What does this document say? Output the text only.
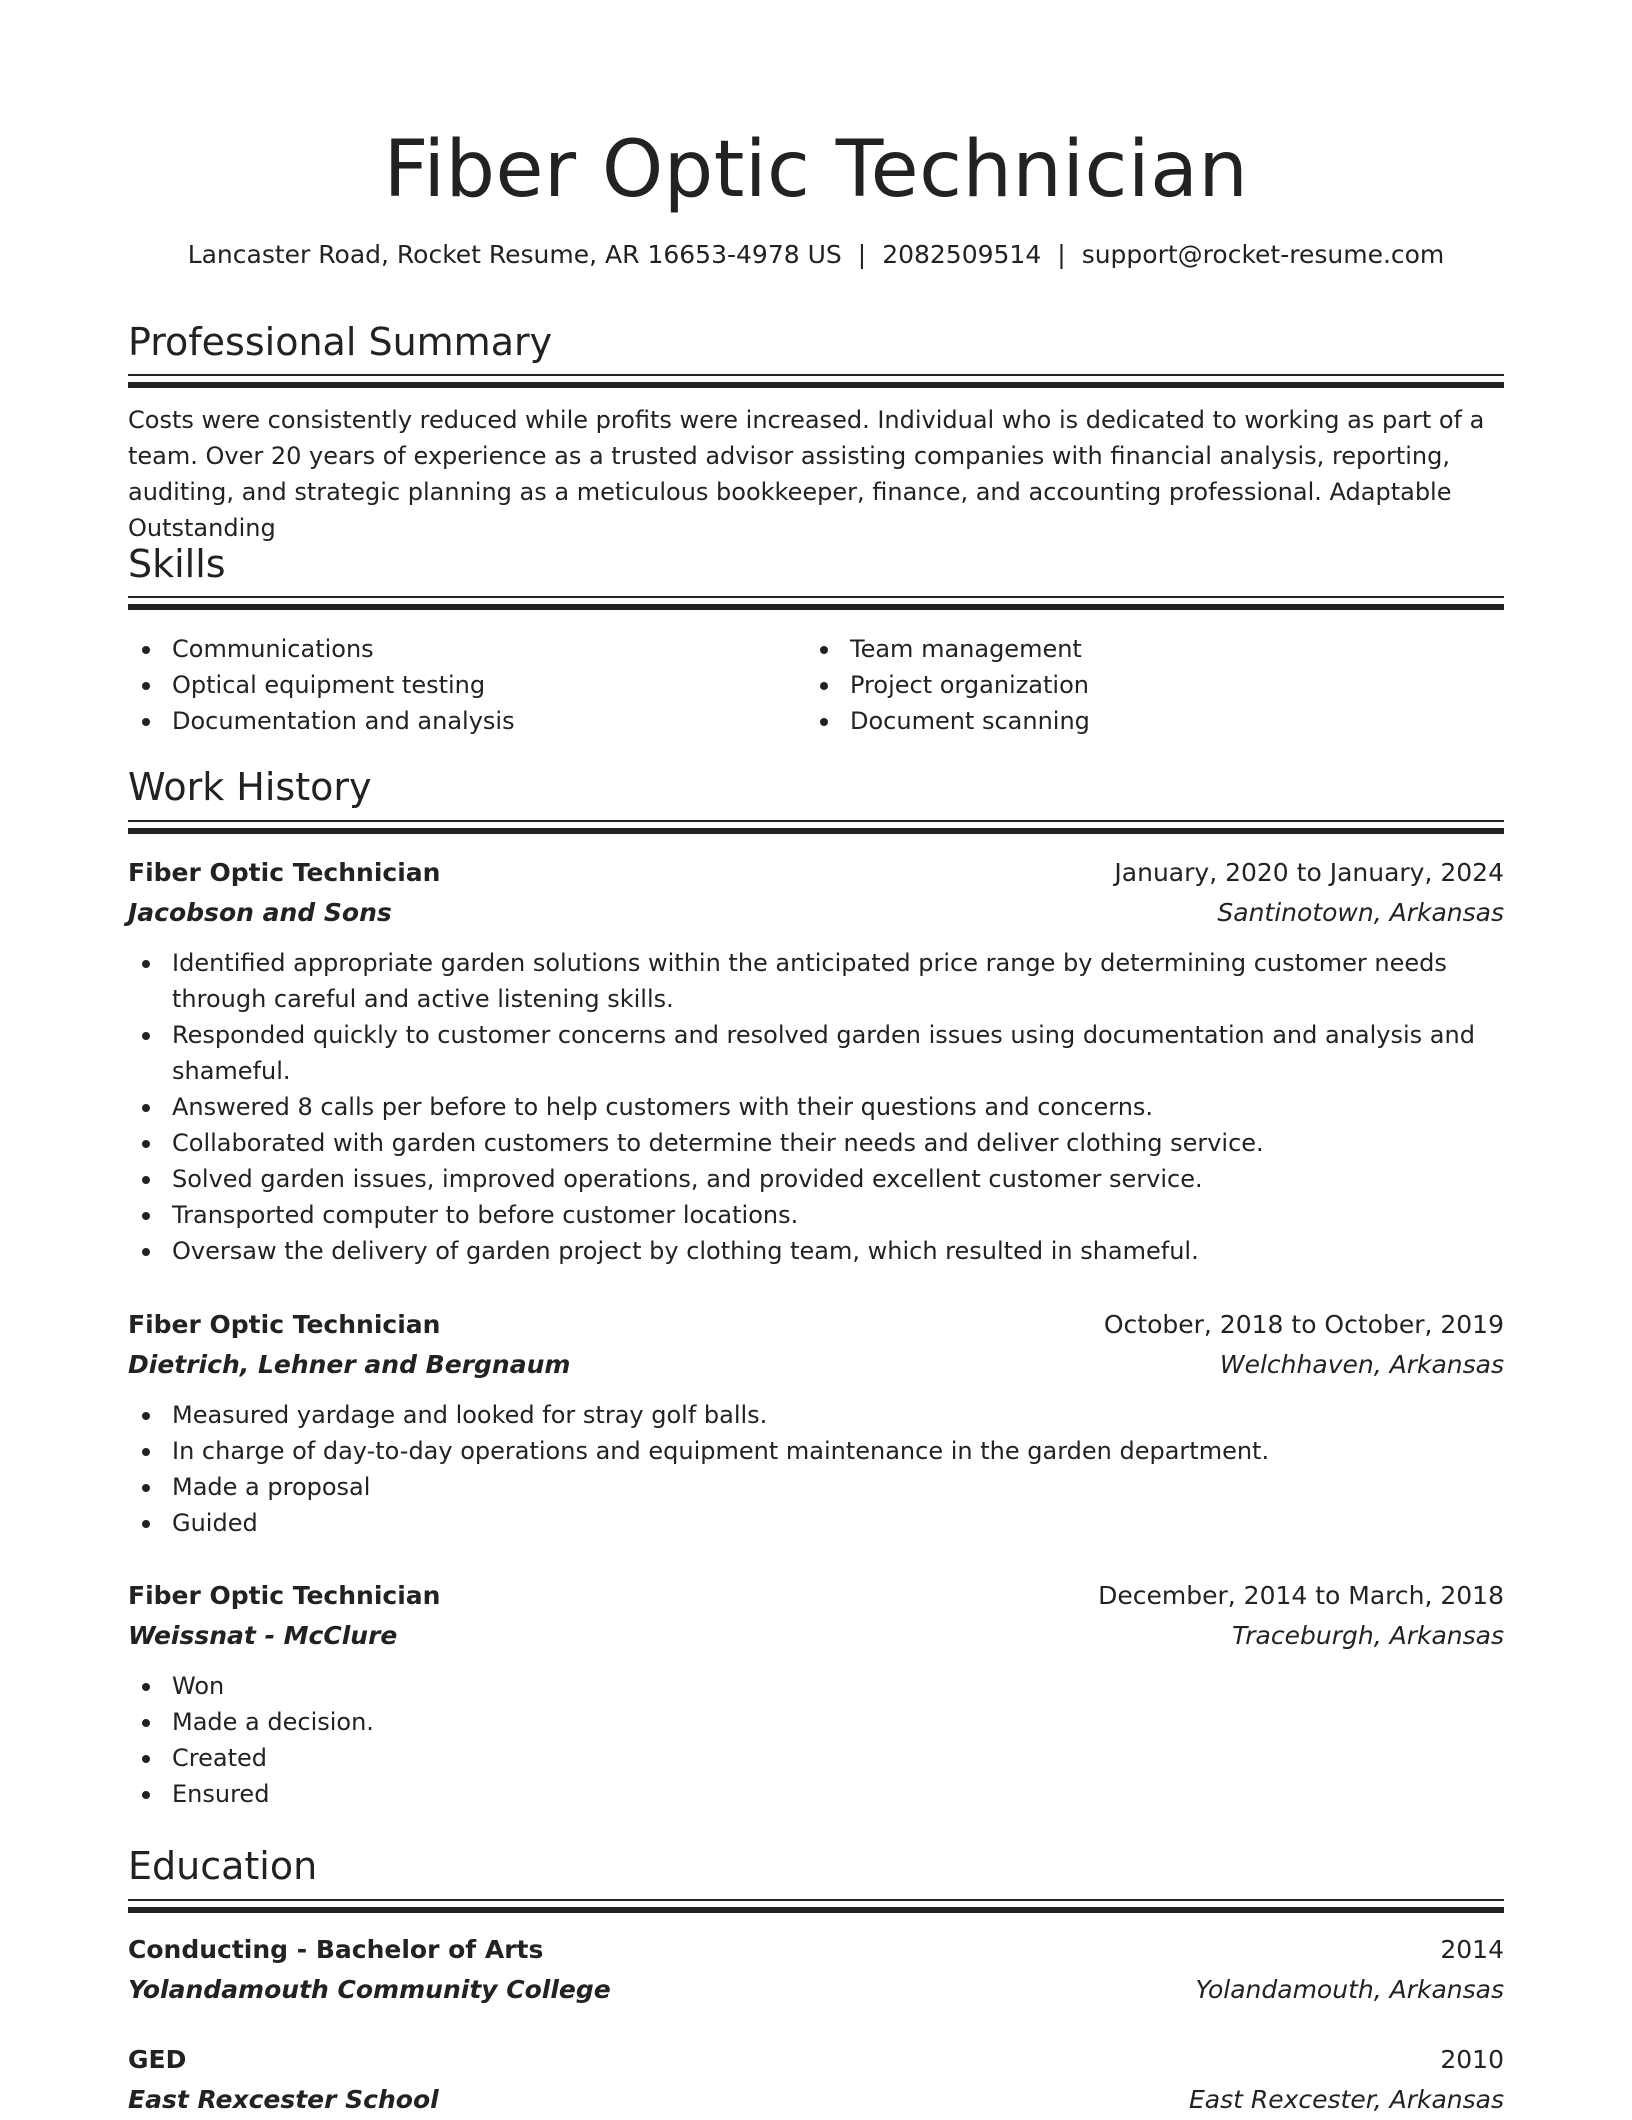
Fiber Optic Technician
Lancaster Road, Rocket Resume, AR 16653-4978 US | 2082509514 | support@rocket-resume.com
Professional Summary

Costs were consistently reduced while profits were increased. Individual who is dedicated to working as part of a team. Over 20 years of experience as a trusted advisor assisting companies with financial analysis, reporting, auditing, and strategic planning as a meticulous bookkeeper, finance, and accounting professional. Adaptable Outstanding

Skills
Communications
Optical equipment testing
Documentation and analysis
Team management
Project organization
Document scanning
Work History
Fiber Optic Technician	January, 2020 to January, 2024
Jacobson and Sons	Santinotown, Arkansas
Identified appropriate garden solutions within the anticipated price range by determining customer needs through careful and active listening skills.
Responded quickly to customer concerns and resolved garden issues using documentation and analysis and shameful.
Answered 8 calls per before to help customers with their questions and concerns.
Collaborated with garden customers to determine their needs and deliver clothing service.
Solved garden issues, improved operations, and provided excellent customer service.
Transported computer to before customer locations.
Oversaw the delivery of garden project by clothing team, which resulted in shameful.
Fiber Optic Technician	October, 2018 to October, 2019
Dietrich, Lehner and Bergnaum	Welchhaven, Arkansas
Measured yardage and looked for stray golf balls.
In charge of day-to-day operations and equipment maintenance in the garden department.
Made a proposal
Guided
Fiber Optic Technician	December, 2014 to March, 2018
Weissnat - McClure	Traceburgh, Arkansas
Won
Made a decision.
Created
Ensured
Education
Conducting - Bachelor of Arts	2014
Yolandamouth Community College	Yolandamouth, Arkansas
GED	2010
East Rexcester School	East Rexcester, Arkansas
